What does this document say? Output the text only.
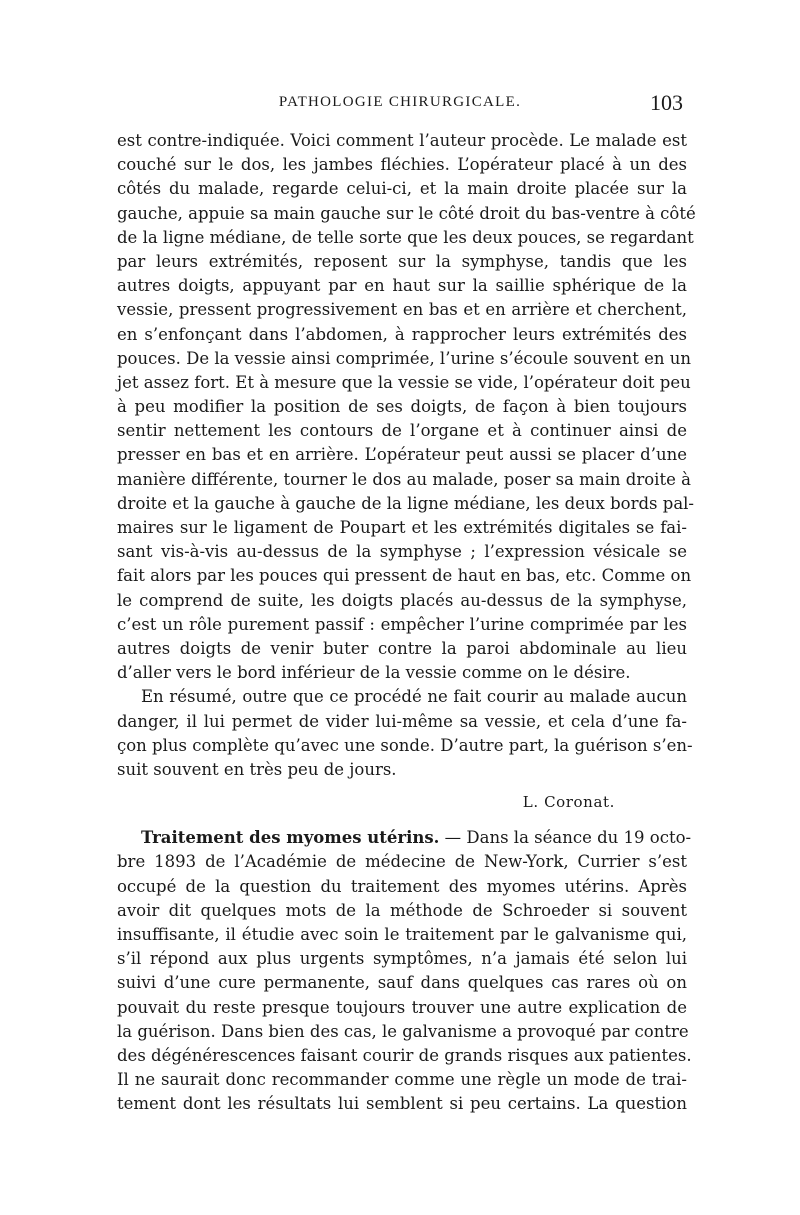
PATHOLOGIE CHIRURGICALE.	103
est contre-indiquée. Voici comment l’auteur procède. Le malade est
couché sur le dos, les jambes fléchies. L’opérateur placé à un des
côtés du malade, regarde celui-ci, et la main droite placée sur la
gauche, appuie sa main gauche sur le côté droit du bas-ventre à côté
de la ligne médiane, de telle sorte que les deux pouces, se regardant
par leurs extrémités, reposent sur la symphyse, tandis que les
autres doigts, appuyant par en haut sur la saillie sphérique de la
vessie, pressent progressivement en bas et en arrière et cherchent,
en s’enfonçant dans l’abdomen, à rapprocher leurs extrémités des
pouces. De la vessie ainsi comprimée, l’urine s’écoule souvent en un
jet assez fort. Et à mesure que la vessie se vide, l’opérateur doit peu
à peu modifier la position de ses doigts, de façon à bien toujours
sentir nettement les contours de l’organe et à continuer ainsi de
presser en bas et en arrière. L’opérateur peut aussi se placer d’une
manière différente, tourner le dos au malade, poser sa main droite à
droite et la gauche à gauche de la ligne médiane, les deux bords pal-
maires sur le ligament de Poupart et les extrémités digitales se fai-
sant vis-à-vis au-dessus de la symphyse ; l’expression vésicale se
fait alors par les pouces qui pressent de haut en bas, etc. Comme on
le comprend de suite, les doigts placés au-dessus de la symphyse,
c’est un rôle purement passif : empêcher l’urine comprimée par les
autres doigts de venir buter contre la paroi abdominale au lieu
d’aller vers le bord inférieur de la vessie comme on le désire.
En résumé, outre que ce procédé ne fait courir au malade aucun
danger, il lui permet de vider lui-même sa vessie, et cela d’une fa-
çon plus complète qu’avec une sonde. D’autre part, la guérison s’en-
suit souvent en très peu de jours.
L. Coronat.
Traitement des myomes utérins. — Dans la séance du 19 octo-
bre 1893 de l’Académie de médecine de New-York, Currier s’est
occupé de la question du traitement des myomes utérins. Après
avoir dit quelques mots de la méthode de Schroeder si souvent
insuffisante, il étudie avec soin le traitement par le galvanisme qui,
s’il répond aux plus urgents symptômes, n’a jamais été selon lui
suivi d’une cure permanente, sauf dans quelques cas rares où on
pouvait du reste presque toujours trouver une autre explication de
la guérison. Dans bien des cas, le galvanisme a provoqué par contre
des dégénérescences faisant courir de grands risques aux patientes.
Il ne saurait donc recommander comme une règle un mode de trai-
tement dont les résultats lui semblent si peu certains. La question
